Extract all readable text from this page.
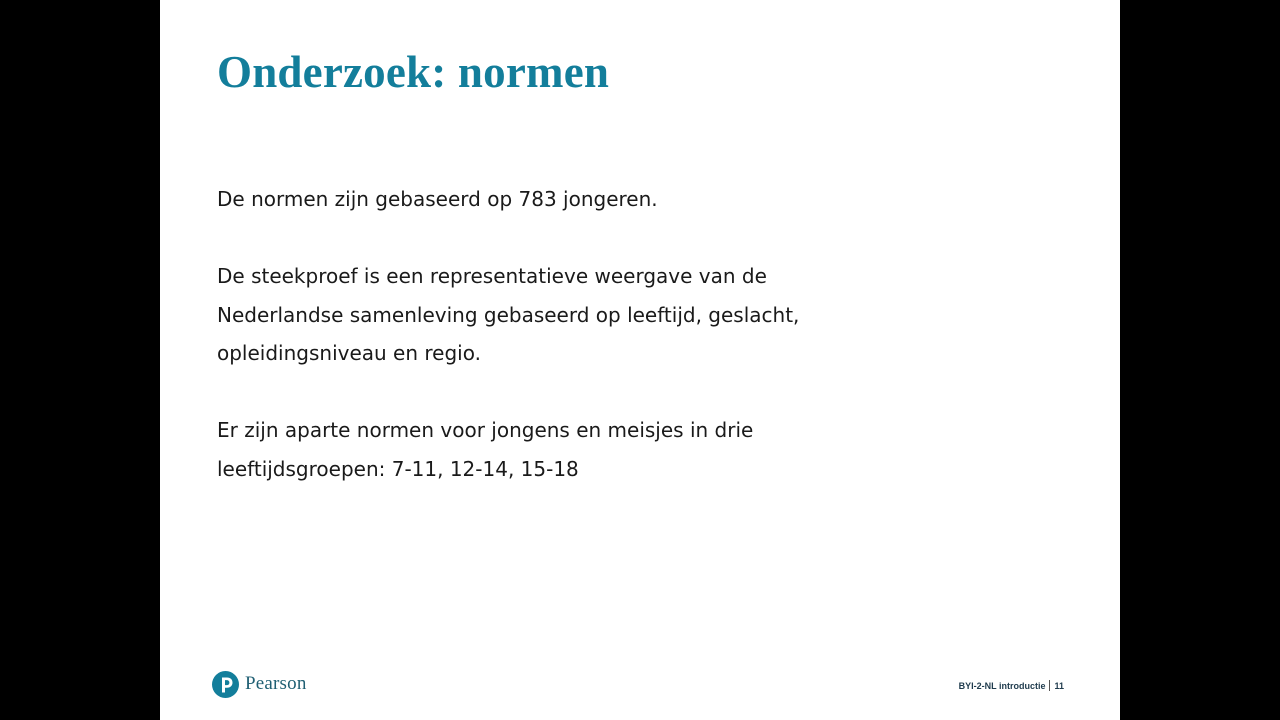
Onderzoek: normen

De normen zijn gebaseerd op 783 jongeren.

De steekproef is een representatieve weergave van de
Nederlandse samenleving gebaseerd op leeftijd, geslacht,
opleidingsniveau en regio.

Er zijn aparte normen voor jongens en meisjes in drie
leeftijdsgroepen: 7-11, 12-14, 15-18

Pearson	BYI-2-NL introductie 11
